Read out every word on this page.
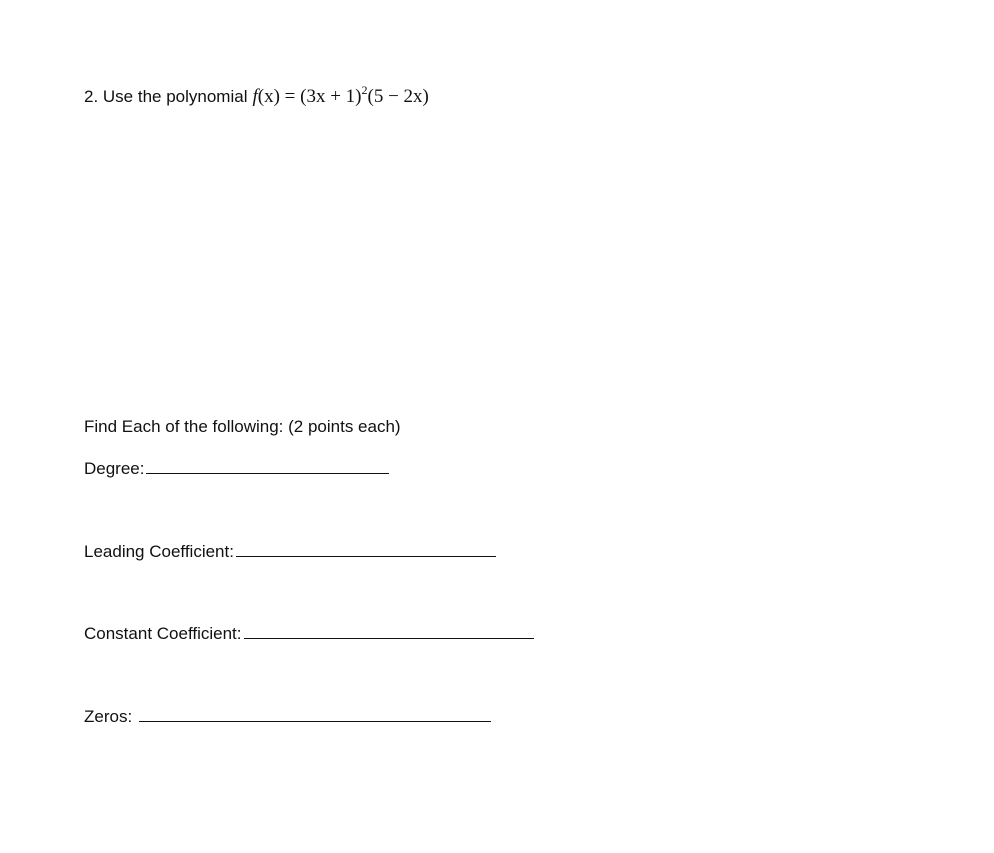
2. Use the polynomial $f(x) = (3x + 1)^2(5 - 2x)$
Find Each of the following: (2 points each)
Degree:
Leading Coefficient:
Constant Coefficient:
Zeros:
